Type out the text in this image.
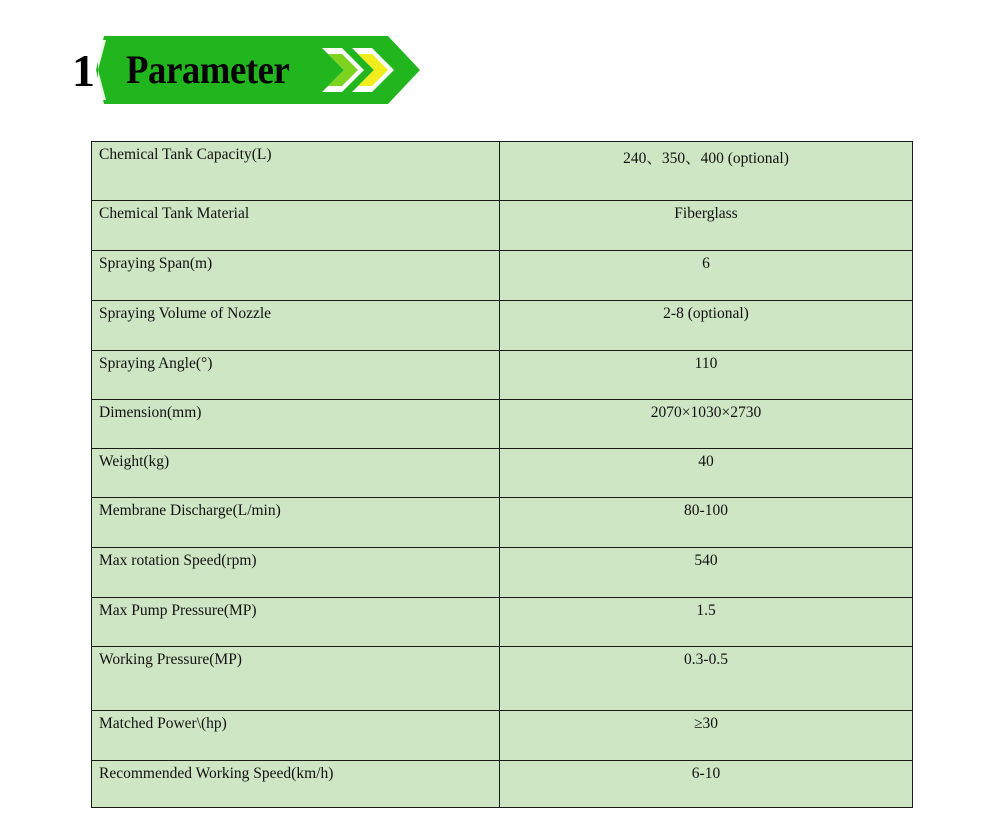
1 Parameter
Chemical Tank Capacity(L)	240、350、400 (optional)
Chemical Tank Material	Fiberglass
Spraying Span(m)	6
Spraying Volume of Nozzle	2-8 (optional)
Spraying Angle(°)	110
Dimension(mm)	2070×1030×2730
Weight(kg)	40
Membrane Discharge(L/min)	80-100
Max rotation Speed(rpm)	540
Max Pump Pressure(MP)	1.5
Working Pressure(MP)	0.3-0.5
Matched Power\(hp)	≥30
Recommended Working Speed(km/h)	6-10
